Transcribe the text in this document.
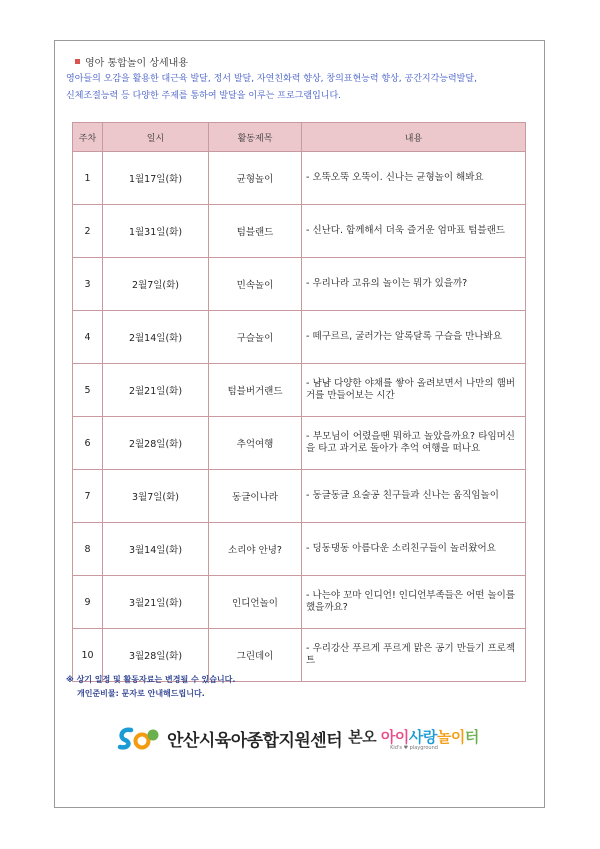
영아 통합놀이 상세내용
영아들의 오감을 활용한 대근육 발달, 정서 발달, 자연친화력 향상, 창의표현능력 향상, 공간지각능력발달,
신체조절능력 등 다양한 주제를 통하여 발달을 이루는 프로그램입니다.
주차	일시	활동제목	내용
1	1월17일(화)	균형놀이	- 오뚝오뚝 오뚝이. 신나는 균형놀이 해봐요
2	1월31일(화)	텀블랜드	- 신난다. 함께해서 더욱 즐거운 엄마표 텀블랜드
3	2월7일(화)	민속놀이	- 우리나라 고유의 놀이는 뭐가 있을까?
4	2월14일(화)	구슬놀이	- 떼구르르, 굴러가는 알록달록 구슬을 만나봐요
5	2월21일(화)	텀블버거랜드	- 냠냠 다양한 야채를 쌓아 올려보면서 나만의 햄버거를 만들어보는 시간
6	2월28일(화)	추억여행	- 부모님이 어렸을땐 뭐하고 놀았을까요? 타임머신을 타고 과거로 돌아가 추억 여행을 떠나요
7	3월7일(화)	동글이나라	- 동글동글 요술공 친구들과 신나는 움직임놀이
8	3월14일(화)	소리야 안녕?	- 딩동댕동 아름다운 소리친구들이 놀러왔어요
9	3월21일(화)	인디언놀이	- 나는야 꼬마 인디언! 인디언부족들은 어떤 놀이를 했을까요?
10	3월28일(화)	그린데이	- 우리강산 푸르게 푸르게 맑은 공기 만들기 프로젝트
※ 상기 일정 및 활동자료는 변경될 수 있습니다.
개인준비물: 문자로 안내해드립니다.
안산시육아종합지원센터 본오 아이사랑놀이터
Kid's ♥ playground
